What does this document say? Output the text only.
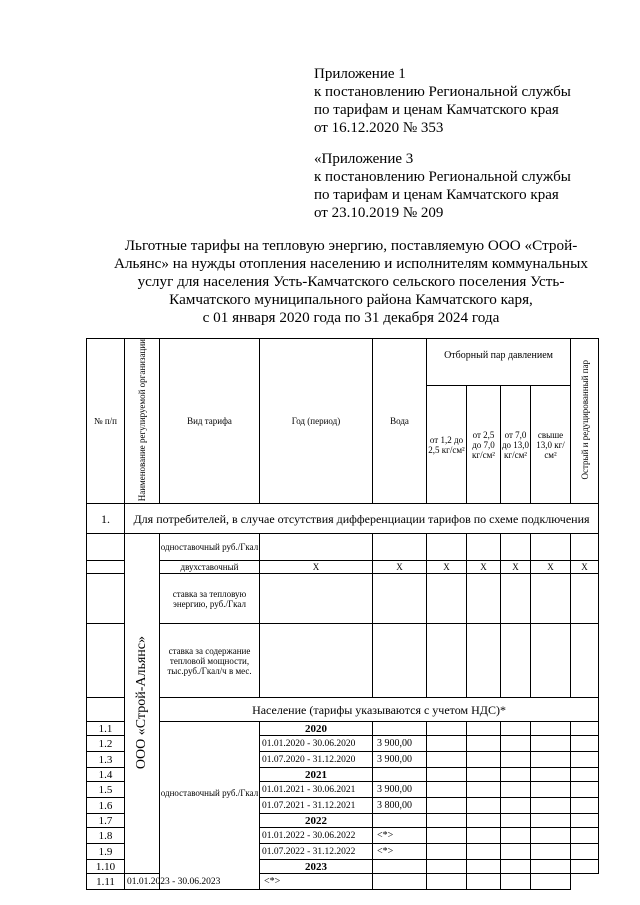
Приложение 1
к постановлению Региональной службы
по тарифам и ценам Камчатского края
от 16.12.2020 № 353
«Приложение 3
к постановлению Региональной службы
по тарифам и ценам Камчатского края
от 23.10.2019 № 209
Льготные тарифы на тепловую энергию, поставляемую ООО «Строй-
Альянс» на нужды отопления населению и исполнителям коммунальных
услуг для населения Усть-Камчатского сельского поселения Усть-
Камчатского муниципального района Камчатского каря,
с 01 января 2020 года по 31 декабря 2024 года
№ п/п	Наименование регулируемой организации	Вид тарифа	Год (период)	Вода	Отборный пар давлением				Острый и редуцированный пар
					от 1,2 до 2,5 кг/см²	от 2,5 до 7,0 кг/см²	от 7,0 до 13,0 кг/см²	свыше 13,0 кг/см²	
1.	Для потребителей, в случае отсутствия дифференциации тарифов по схеме подключения								
	ООО «Строй-Альянс»	одноставочный руб./Гкал							
		двухставочный	X	X	X	X	X	X	X
		ставка за тепловую энергию, руб./Гкал							
		ставка за содержание тепловой мощности, тыс.руб./Гкал/ч в мес.							
		Население (тарифы указываются с учетом НДС)*							
1.1		одноставочный руб./Гкал	2020						
1.2			01.01.2020 - 30.06.2020	3 900,00					
1.3			01.07.2020 - 31.12.2020	3 900,00					
1.4			2021						
1.5			01.01.2021 - 30.06.2021	3 900,00					
1.6			01.07.2021 - 31.12.2021	3 800,00					
1.7			2022						
1.8			01.01.2022 - 30.06.2022	<*>					
1.9			01.07.2022 - 31.12.2022	<*>					
1.10			2023						
1.11	01.01.2023 - 30.06.2023		<*>						
